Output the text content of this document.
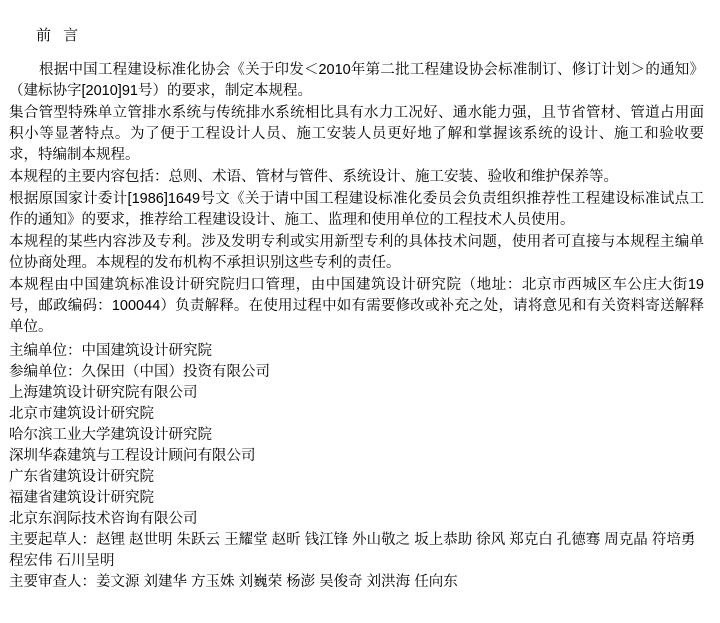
前 言

根据中国工程建设标准化协会《关于印发＜2010年第二批工程建设协会标准制订、修订计划＞的通知》（建标协字[2010]91号）的要求，制定本规程。

集合管型特殊单立管排水系统与传统排水系统相比具有水力工况好、通水能力强，且节省管材、管道占用面积小等显著特点。为了便于工程设计人员、施工安装人员更好地了解和掌握该系统的设计、施工和验收要求，特编制本规程。

本规程的主要内容包括：总则、术语、管材与管件、系统设计、施工安装、验收和维护保养等。

根据原国家计委计[1986]1649号文《关于请中国工程建设标准化委员会负责组织推荐性工程建设标准试点工作的通知》的要求，推荐给工程建设设计、施工、监理和使用单位的工程技术人员使用。

本规程的某些内容涉及专利。涉及发明专利或实用新型专利的具体技术问题，使用者可直接与本规程主编单位协商处理。本规程的发布机构不承担识别这些专利的责任。

本规程由中国建筑标准设计研究院归口管理，由中国建筑设计研究院（地址：北京市西城区车公庄大街19号，邮政编码：100044）负责解释。在使用过程中如有需要修改或补充之处，请将意见和有关资料寄送解释单位。

主编单位：中国建筑设计研究院

参编单位：久保田（中国）投资有限公司

上海建筑设计研究院有限公司

北京市建筑设计研究院

哈尔滨工业大学建筑设计研究院

深圳华森建筑与工程设计顾问有限公司

广东省建筑设计研究院

福建省建筑设计研究院

北京东润际技术咨询有限公司

主要起草人：赵锂 赵世明 朱跃云 王耀堂 赵昕 钱江锋 外山敬之 坂上恭助 徐风 郑克白 孔德骞 周克晶 符培勇

程宏伟 石川呈明

主要审查人：姜文源 刘建华 方玉姝 刘巍荣 杨澎 吴俊奇 刘洪海 任向东
